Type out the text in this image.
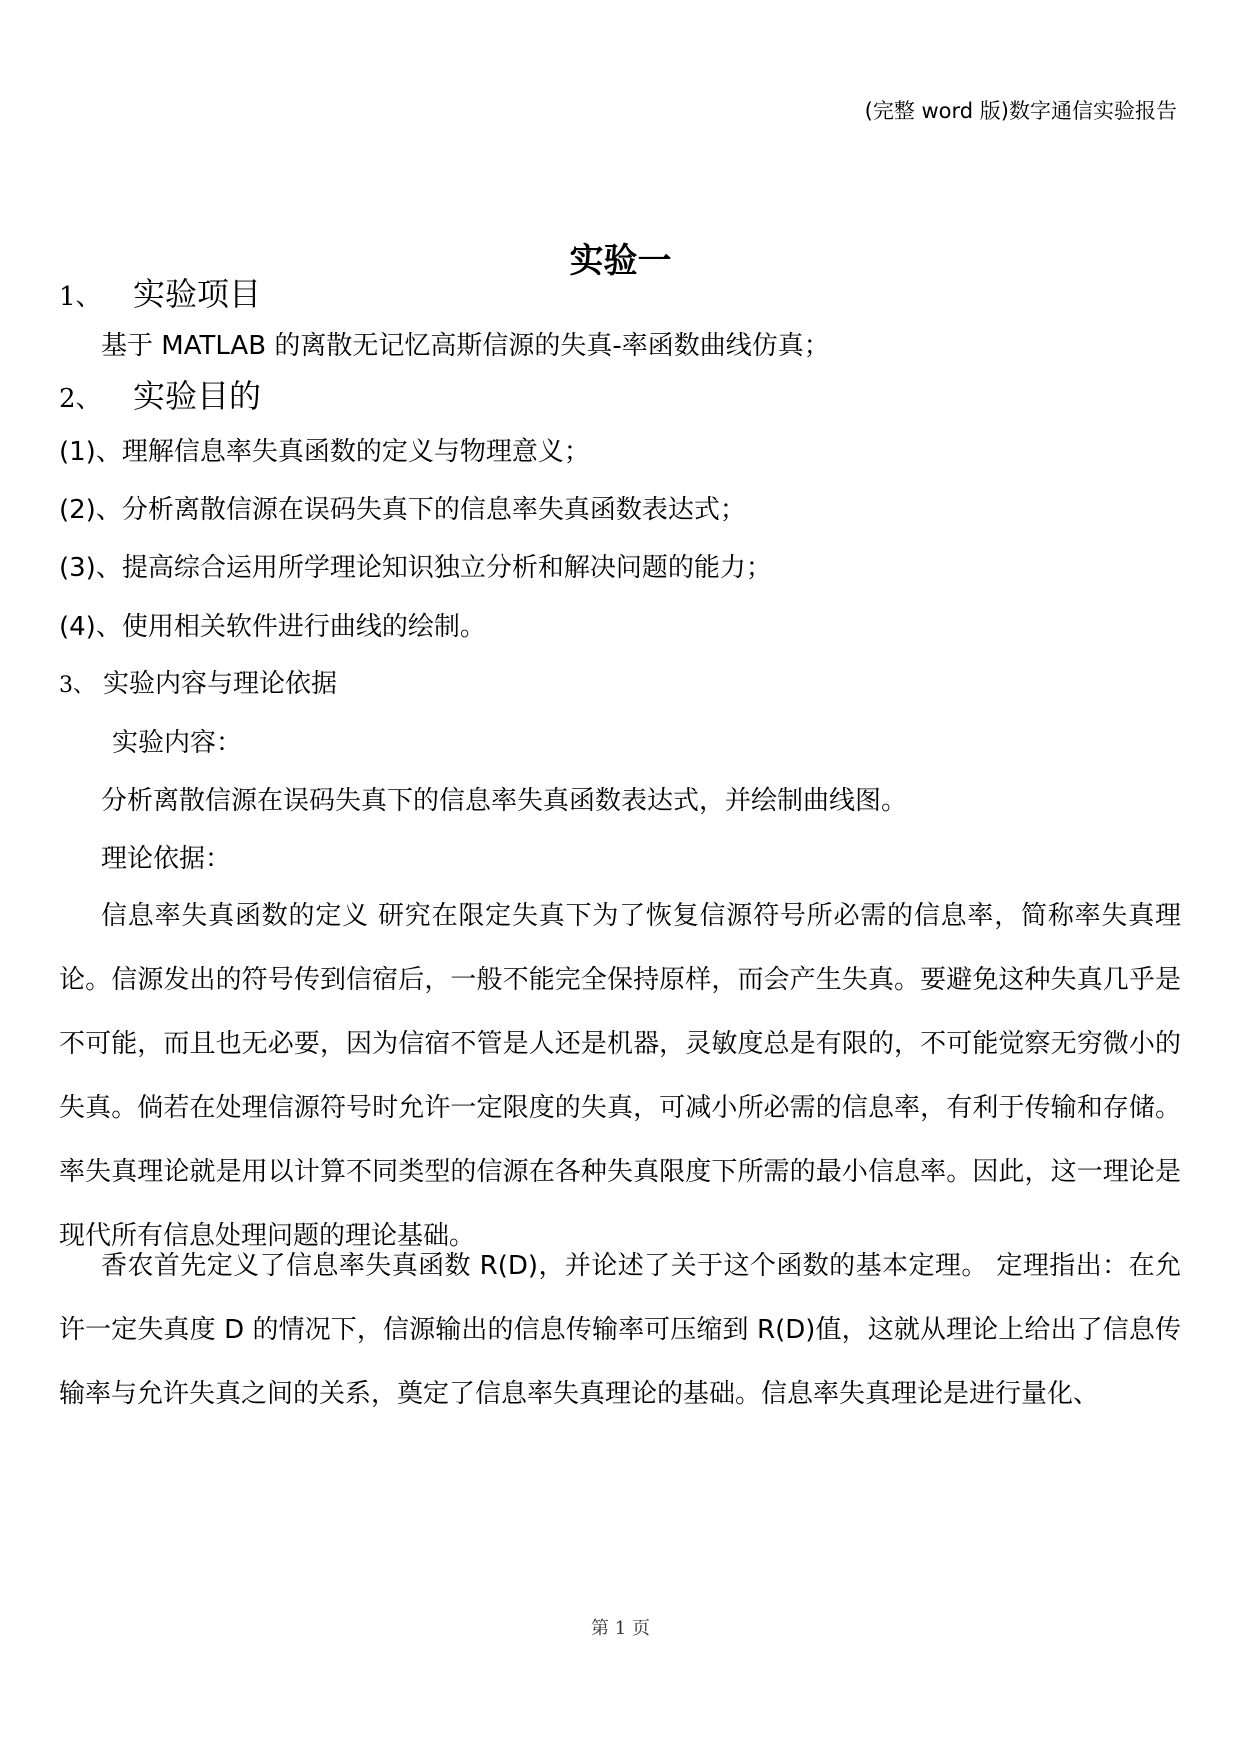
(完整 word 版)数字通信实验报告
实验一
1、 实验项目
基于 MATLAB 的离散无记忆高斯信源的失真-率函数曲线仿真；
2、 实验目的
(1)、理解信息率失真函数的定义与物理意义；
(2)、分析离散信源在误码失真下的信息率失真函数表达式；
(3)、提高综合运用所学理论知识独立分析和解决问题的能力；
(4)、使用相关软件进行曲线的绘制。
3、 实验内容与理论依据
实验内容：
分析离散信源在误码失真下的信息率失真函数表达式，并绘制曲线图。
理论依据：
信息率失真函数的定义 研究在限定失真下为了恢复信源符号所必需的信息率，简称率失真理论。信源发出的符号传到信宿后，一般不能完全保持原样，而会产生失真。要避免这种失真几乎是不可能，而且也无必要，因为信宿不管是人还是机器，灵敏度总是有限的，不可能觉察无穷微小的失真。倘若在处理信源符号时允许一定限度的失真，可减小所必需的信息率，有利于传输和存储。率失真理论就是用以计算不同类型的信源在各种失真限度下所需的最小信息率。因此，这一理论是现代所有信息处理问题的理论基础。
香农首先定义了信息率失真函数 R(D)，并论述了关于这个函数的基本定理。 定理指出：在允许一定失真度 D 的情况下，信源输出的信息传输率可压缩到 R(D)值，这就从理论上给出了信息传输率与允许失真之间的关系，奠定了信息率失真理论的基础。信息率失真理论是进行量化、
第 1 页
